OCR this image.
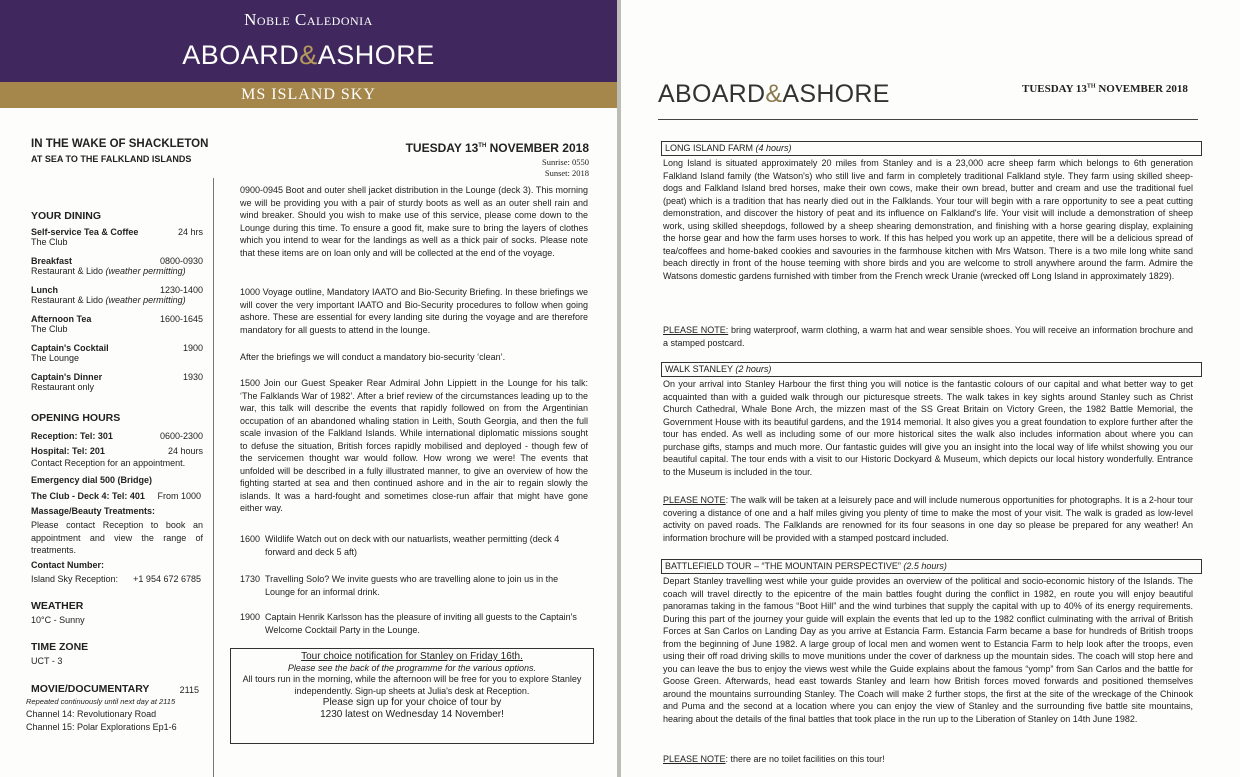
Noble Caledonia
ABOARD&ASHORE
MS ISLAND SKY
IN THE WAKE OF SHACKLETON
AT SEA TO THE FALKLAND ISLANDS
TUESDAY 13TH NOVEMBER 2018
Sunrise: 0550
Sunset: 2018
YOUR DINING
Self-service Tea & Coffee	24 hrs
The Club
Breakfast	0800-0930
Restaurant & Lido (weather permitting)
Lunch	1230-1400
Restaurant & Lido (weather permitting)
Afternoon Tea	1600-1645
The Club
Captain's Cocktail	1900
The Lounge
Captain's Dinner	1930
Restaurant only
OPENING HOURS
Reception: Tel: 301	0600-2300
Hospital: Tel: 201	24 hours
Contact Reception for an appointment.
Emergency dial 500 (Bridge)
The Club - Deck 4: Tel: 401 From 1000
Massage/Beauty Treatments:
Please contact Reception to book an appointment and view the range of treatments.
Contact Number:
Island Sky Reception: +1 954 672 6785
WEATHER
10°C - Sunny
TIME ZONE
UCT - 3
MOVIE/DOCUMENTARY	2115
Repeated continuously until next day at 2115
Channel 14: Revolutionary Road
Channel 15: Polar Explorations Ep1-6
0900-0945 Boot and outer shell jacket distribution in the Lounge (deck 3). This morning we will be providing you with a pair of sturdy boots as well as an outer shell rain and wind breaker. Should you wish to make use of this service, please come down to the Lounge during this time. To ensure a good fit, make sure to bring the layers of clothes which you intend to wear for the landings as well as a thick pair of socks. Please note that these items are on loan only and will be collected at the end of the voyage.
1000 Voyage outline, Mandatory IAATO and Bio-Security Briefing. In these briefings we will cover the very important IAATO and Bio-Security procedures to follow when going ashore. These are essential for every landing site during the voyage and are therefore mandatory for all guests to attend in the lounge.
After the briefings we will conduct a mandatory bio-security ‘clean’.
1500 Join our Guest Speaker Rear Admiral John Lippiett in the Lounge for his talk: ‘The Falklands War of 1982’. After a brief review of the circumstances leading up to the war, this talk will describe the events that rapidly followed on from the Argentinian occupation of an abandoned whaling station in Leith, South Georgia, and then the full scale invasion of the Falkland Islands. While international diplomatic missions sought to defuse the situation, British forces rapidly mobilised and deployed - though few of the servicemen thought war would follow. How wrong we were! The events that unfolded will be described in a fully illustrated manner, to give an overview of how the fighting started at sea and then continued ashore and in the air to regain slowly the islands. It was a hard-fought and sometimes close-run affair that might have gone either way.
1600 Wildlife Watch out on deck with our natuarlists, weather permitting (deck 4 forward and deck 5 aft)
1730 Travelling Solo? We invite guests who are travelling alone to join us in the Lounge for an informal drink.
1900 Captain Henrik Karlsson has the pleasure of inviting all guests to the Captain's Welcome Cocktail Party in the Lounge.
Tour choice notification for Stanley on Friday 16th.
Please see the back of the programme for the various options.
All tours run in the morning, while the afternoon will be free for you to explore Stanley independently. Sign-up sheets at Julia's desk at Reception.
Please sign up for your choice of tour by
1230 latest on Wednesday 14 November!
ABOARD&ASHORE	TUESDAY 13TH NOVEMBER 2018
LONG ISLAND FARM (4 hours)
Long Island is situated approximately 20 miles from Stanley and is a 23,000 acre sheep farm which belongs to 6th generation Falkland Island family (the Watson's) who still live and farm in completely traditional Falkland style. They farm using skilled sheep-dogs and Falkland Island bred horses, make their own cows, make their own bread, butter and cream and use the traditional fuel (peat) which is a tradition that has nearly died out in the Falklands. Your tour will begin with a rare opportunity to see a peat cutting demonstration, and discover the history of peat and its influence on Falkland's life. Your visit will include a demonstration of sheep work, using skilled sheepdogs, followed by a sheep shearing demonstration, and finishing with a horse gearing display, explaining the horse gear and how the farm uses horses to work. If this has helped you work up an appetite, there will be a delicious spread of tea/coffees and home-baked cookies and savouries in the farmhouse kitchen with Mrs Watson. There is a two mile long white sand beach directly in front of the house teeming with shore birds and you are welcome to stroll anywhere around the farm. Admire the Watsons domestic gardens furnished with timber from the French wreck Uranie (wrecked off Long Island in approximately 1829).
PLEASE NOTE: bring waterproof, warm clothing, a warm hat and wear sensible shoes. You will receive an information brochure and a stamped postcard.
WALK STANLEY (2 hours)
On your arrival into Stanley Harbour the first thing you will notice is the fantastic colours of our capital and what better way to get acquainted than with a guided walk through our picturesque streets. The walk takes in key sights around Stanley such as Christ Church Cathedral, Whale Bone Arch, the mizzen mast of the SS Great Britain on Victory Green, the 1982 Battle Memorial, the Government House with its beautiful gardens, and the 1914 memorial. It also gives you a great foundation to explore further after the tour has ended. As well as including some of our more historical sites the walk also includes information about where you can purchase gifts, stamps and much more. Our fantastic guides will give you an insight into the local way of life whilst showing you our beautiful capital. The tour ends with a visit to our Historic Dockyard & Museum, which depicts our local history wonderfully. Entrance to the Museum is included in the tour.
PLEASE NOTE: The walk will be taken at a leisurely pace and will include numerous opportunities for photographs. It is a 2-hour tour covering a distance of one and a half miles giving you plenty of time to make the most of your visit. The walk is graded as low-level activity on paved roads. The Falklands are renowned for its four seasons in one day so please be prepared for any weather! An information brochure will be provided with a stamped postcard included.
BATTLEFIELD TOUR – “THE MOUNTAIN PERSPECTIVE” (2.5 hours)
Depart Stanley travelling west while your guide provides an overview of the political and socio-economic history of the Islands. The coach will travel directly to the epicentre of the main battles fought during the conflict in 1982, en route you will enjoy beautiful panoramas taking in the famous “Boot Hill” and the wind turbines that supply the capital with up to 40% of its energy requirements. During this part of the journey your guide will explain the events that led up to the 1982 conflict culminating with the arrival of British Forces at San Carlos on Landing Day as you arrive at Estancia Farm. Estancia Farm became a base for hundreds of British troops from the beginning of June 1982. A large group of local men and women went to Estancia Farm to help look after the troops, even using their off road driving skills to move munitions under the cover of darkness up the mountain sides. The coach will stop here and you can leave the bus to enjoy the views west while the Guide explains about the famous “yomp” from San Carlos and the battle for Goose Green. Afterwards, head east towards Stanley and learn how British forces moved forwards and positioned themselves around the mountains surrounding Stanley. The Coach will make 2 further stops, the first at the site of the wreckage of the Chinook and Puma and the second at a location where you can enjoy the view of Stanley and the surrounding five battle site mountains, hearing about the details of the final battles that took place in the run up to the Liberation of Stanley on 14th June 1982.
PLEASE NOTE: there are no toilet facilities on this tour!
